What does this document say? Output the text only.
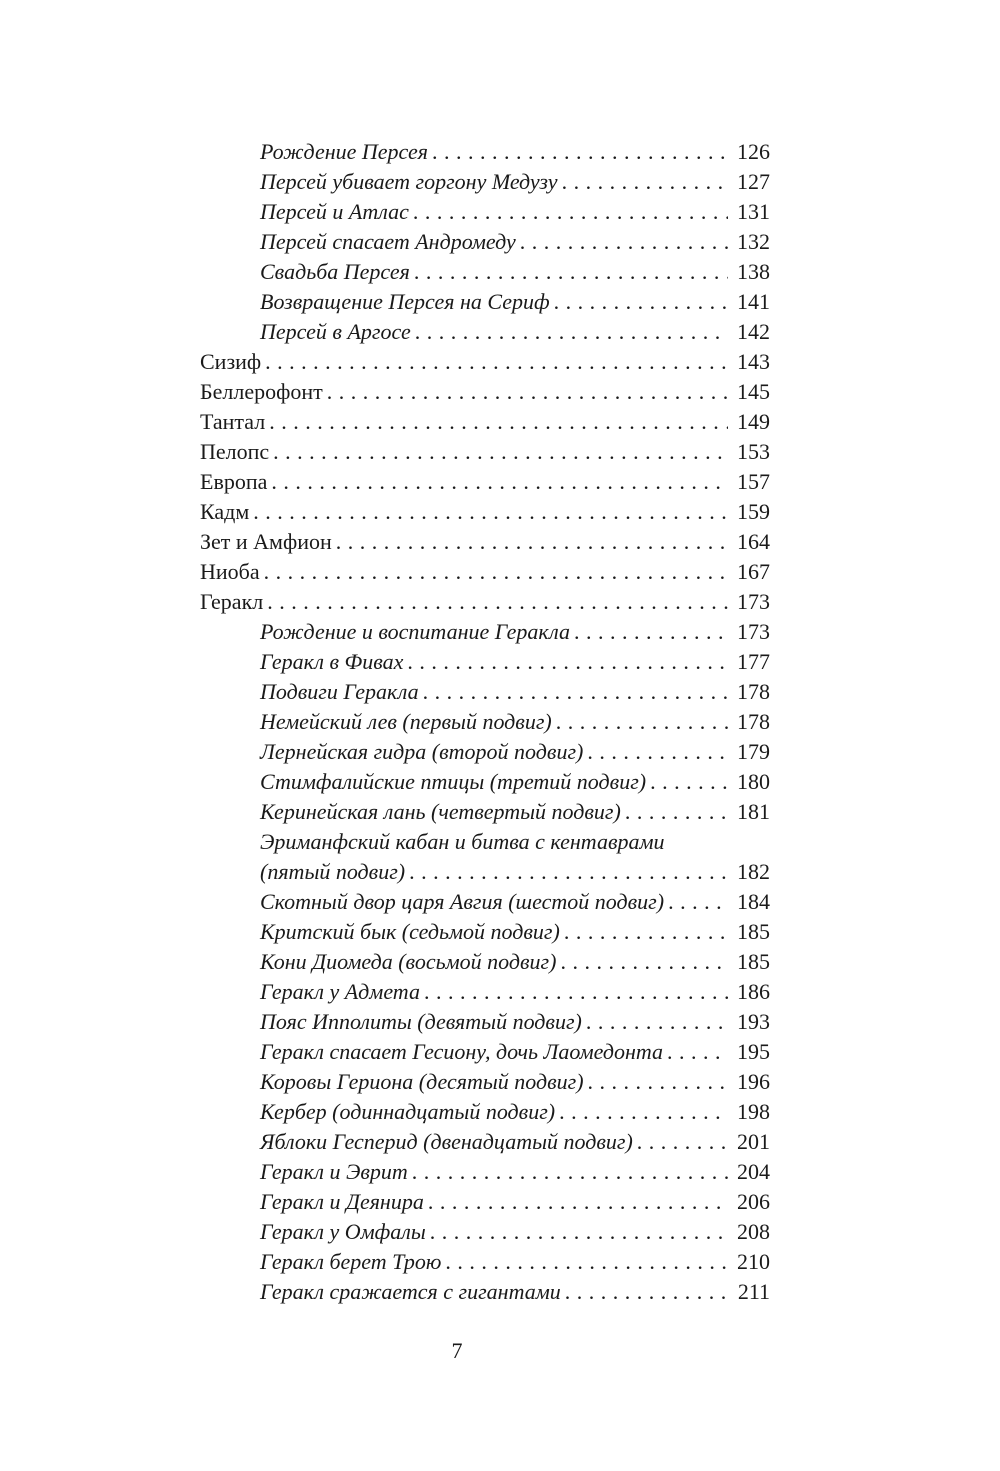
Рождение Персея . . .	126
Персей убивает горгону Медузу . . .	127
Персей и Атлас . . .	131
Персей спасает Андромеду . . .	132
Свадьба Персея . . .	138
Возвращение Персея на Сериф . . .	141
Персей в Аргосе . . .	142
Сизиф . . .	143
Беллерофонт . . .	145
Тантал . . .	149
Пелопс . . .	153
Европа . . .	157
Кадм . . .	159
Зет и Амфион . . .	164
Ниоба . . .	167
Геракл . . .	173
Рождение и воспитание Геракла . . .	173
Геракл в Фивах . . .	177
Подвиги Геракла . . .	178
Немейский лев (первый подвиг) . . .	178
Лернейская гидра (второй подвиг) . . .	179
Стимфалийские птицы (третий подвиг) . . .	180
Керинейская лань (четвертый подвиг) . . .	181
Эриманфский кабан и битва с кентаврами
(пятый подвиг) . . .	182
Скотный двор царя Авгия (шестой подвиг) . . .	184
Критский бык (седьмой подвиг) . . .	185
Кони Диомеда (восьмой подвиг) . . .	185
Геракл у Адмета . . .	186
Пояс Ипполиты (девятый подвиг) . . .	193
Геракл спасает Гесиону, дочь Лаомедонта . . .	195
Коровы Гериона (десятый подвиг) . . .	196
Кербер (одиннадцатый подвиг) . . .	198
Яблоки Гесперид (двенадцатый подвиг) . . .	201
Геракл и Эврит . . .	204
Геракл и Деянира . . .	206
Геракл у Омфалы . . .	208
Геракл берет Трою . . .	210
Геракл сражается с гигантами . . .	211
7
